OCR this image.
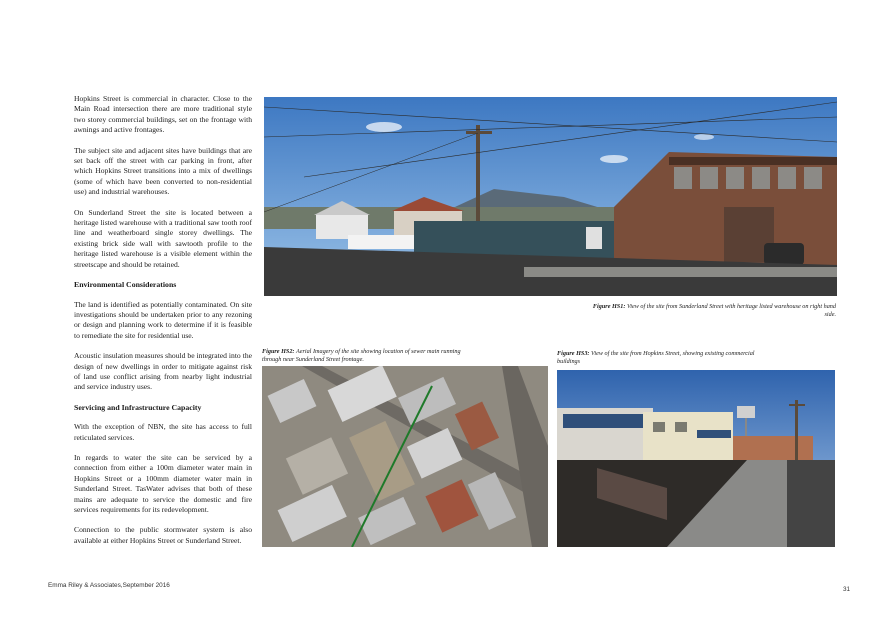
Hopkins Street is commercial in character. Close to the Main Road intersection there are more traditional style two storey commercial buildings, set on the frontage with awnings and active frontages.

The subject site and adjacent sites have buildings that are set back off the street with car parking in front, after which Hopkins Street transitions into a mix of dwellings (some of which have been converted to non-residential use) and industrial warehouses.

On Sunderland Street the site is located between a heritage listed warehouse with a traditional saw tooth roof line and weatherboard single storey dwellings. The existing brick side wall with sawtooth profile to the heritage listed warehouse is a visible element within the streetscape and should be retained.

Environmental Considerations

The land is identified as potentially contaminated. On site investigations should be undertaken prior to any rezoning or design and planning work to determine if it is feasible to remediate the site for residential use.

Acoustic insulation measures should be integrated into the design of new dwellings in order to mitigate against risk of land use conflict arising from nearby light industrial and service industry uses.

Servicing and Infrastructure Capacity

With the exception of NBN, the site has access to full reticulated services.

In regards to water the site can be serviced by a connection from either a 100m diameter water main in Hopkins Street or a 100mm diameter water main in Sunderland Street. TasWater advises that both of these mains are adequate to service the domestic and fire services requirements for its redevelopment.

Connection to the public stormwater system is also available at either Hopkins Street or Sunderland Street.

Figure HS1: View of the site from Sunderland Street with heritage listed warehouse on right hand side.
Figure HS2: Aerial Imagery of the site showing location of sewer main running through near Sunderland Street frontage.
Figure HS3: View of the site from Hopkins Street, showing existing commercial buildings
Emma Riley & Associates,September 2016
31
